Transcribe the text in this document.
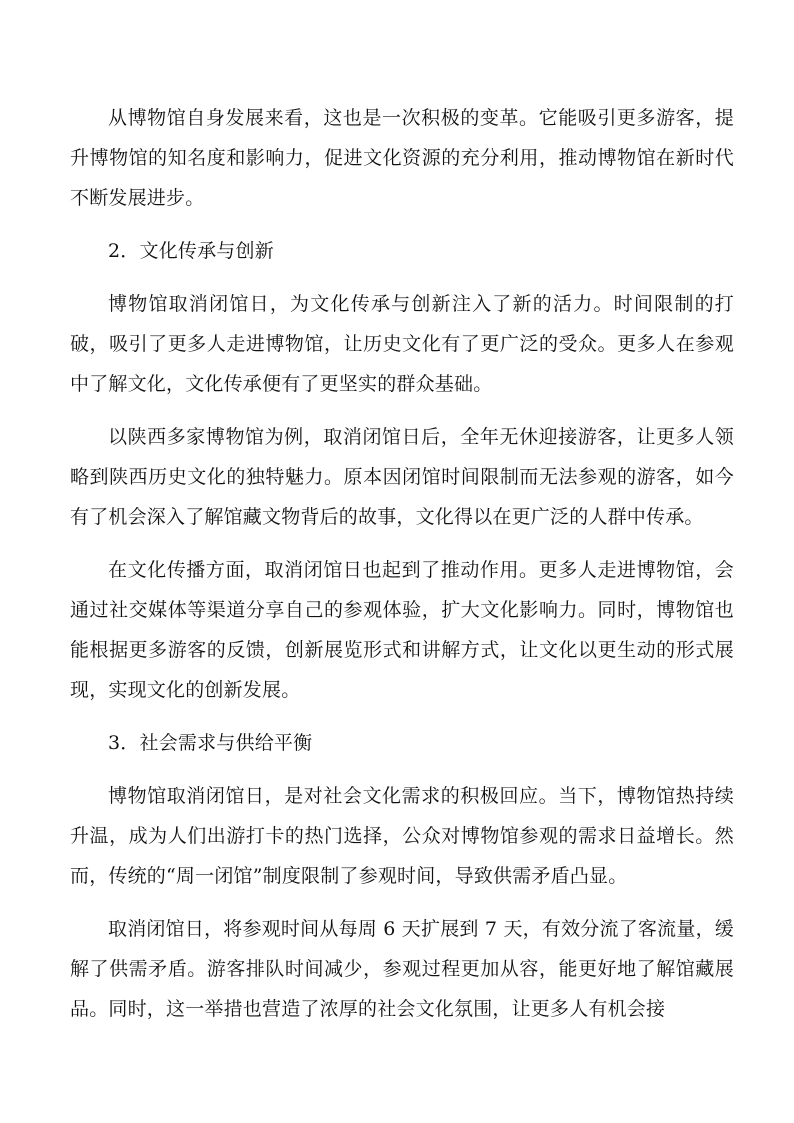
从博物馆自身发展来看，这也是一次积极的变革。它能吸引更多游客，提升博物馆的知名度和影响力，促进文化资源的充分利用，推动博物馆在新时代不断发展进步。

2．文化传承与创新

博物馆取消闭馆日，为文化传承与创新注入了新的活力。时间限制的打破，吸引了更多人走进博物馆，让历史文化有了更广泛的受众。更多人在参观中了解文化，文化传承便有了更坚实的群众基础。

以陕西多家博物馆为例，取消闭馆日后，全年无休迎接游客，让更多人领略到陕西历史文化的独特魅力。原本因闭馆时间限制而无法参观的游客，如今有了机会深入了解馆藏文物背后的故事，文化得以在更广泛的人群中传承。

在文化传播方面，取消闭馆日也起到了推动作用。更多人走进博物馆，会通过社交媒体等渠道分享自己的参观体验，扩大文化影响力。同时，博物馆也能根据更多游客的反馈，创新展览形式和讲解方式，让文化以更生动的形式展现，实现文化的创新发展。

3．社会需求与供给平衡

博物馆取消闭馆日，是对社会文化需求的积极回应。当下，博物馆热持续升温，成为人们出游打卡的热门选择，公众对博物馆参观的需求日益增长。然而，传统的“周一闭馆”制度限制了参观时间，导致供需矛盾凸显。

取消闭馆日，将参观时间从每周 6 天扩展到 7 天，有效分流了客流量，缓解了供需矛盾。游客排队时间减少，参观过程更加从容，能更好地了解馆藏展品。同时，这一举措也营造了浓厚的社会文化氛围，让更多人有机会接
